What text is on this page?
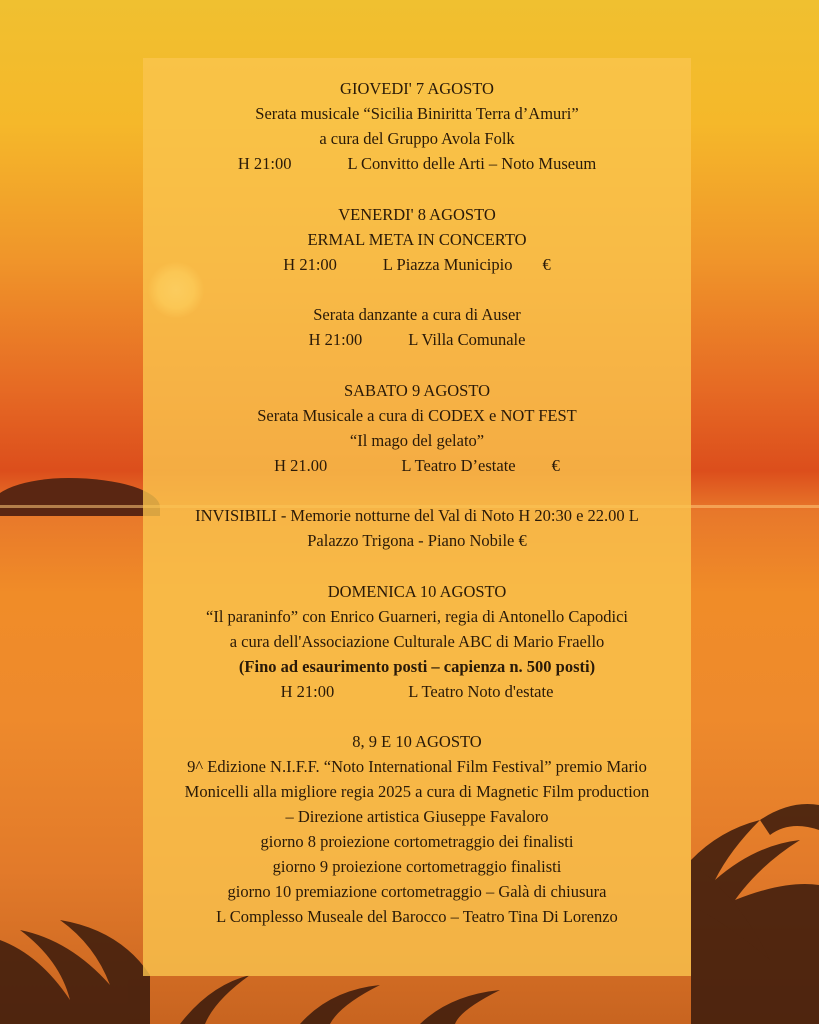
GIOVEDI' 7 AGOSTO

Serata musicale “Sicilia Biniritta Terra d’Amuri”

a cura del Gruppo Avola Folk

H 21:00	L Convitto delle Arti – Noto Museum

VENERDI' 8 AGOSTO

ERMAL META IN CONCERTO

H 21:00	L Piazza Municipio €

Serata danzante a cura di Auser

H 21:00	L Villa Comunale

SABATO 9 AGOSTO

Serata Musicale a cura di CODEX e NOT FEST

“Il mago del gelato”

H 21.00	L Teatro D’estate €

INVISIBILI - Memorie notturne del Val di Noto H 20:30 e 22.00 L

Palazzo Trigona - Piano Nobile €

DOMENICA 10 AGOSTO

“Il paraninfo” con Enrico Guarneri, regia di Antonello Capodici

a cura dell'Associazione Culturale ABC di Mario Fraello

(Fino ad esaurimento posti – capienza n. 500 posti)

H 21:00	L Teatro Noto d'estate

8, 9 E 10 AGOSTO

9^ Edizione N.I.F.F. “Noto International Film Festival” premio Mario

Monicelli alla migliore regia 2025 a cura di Magnetic Film production

– Direzione artistica Giuseppe Favaloro

giorno 8 proiezione cortometraggio dei finalisti

giorno 9 proiezione cortometraggio finalisti

giorno 10 premiazione cortometraggio – Galà di chiusura

L Complesso Museale del Barocco – Teatro Tina Di Lorenzo
